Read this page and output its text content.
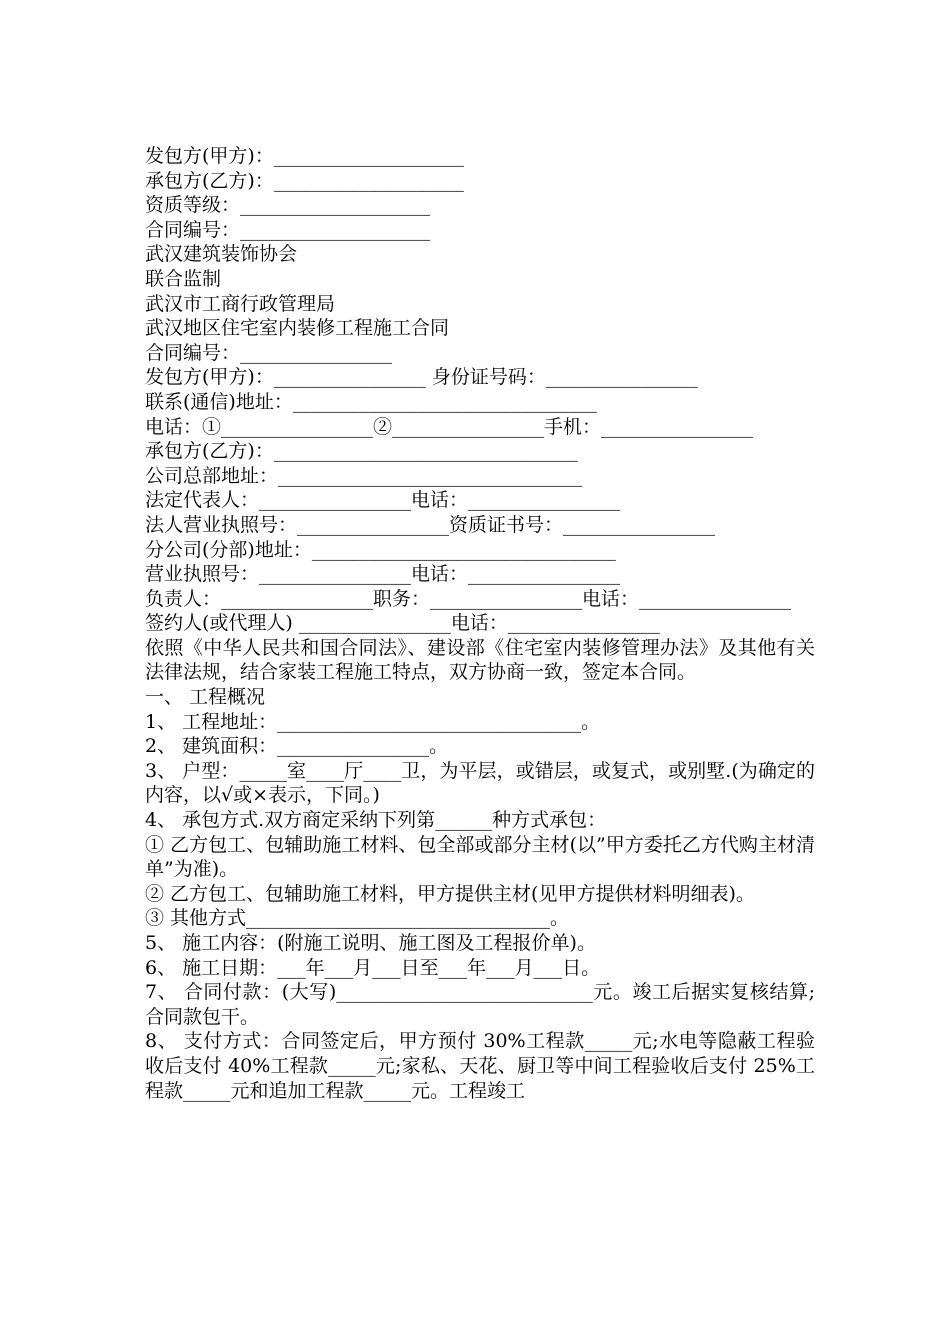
发包方(甲方)：____________________
承包方(乙方)：____________________
资质等级：____________________
合同编号：____________________
武汉建筑装饰协会
联合监制
武汉市工商行政管理局
武汉地区住宅室内装修工程施工合同
合同编号：________________
发包方(甲方)：________________ 身份证号码：________________
联系(通信)地址：________________________________
电话：①________________②________________手机：________________
承包方(乙方)：________________________________
公司总部地址：________________________________
法定代表人：________________电话：________________
法人营业执照号：________________资质证书号：________________
分公司(分部)地址：________________________________
营业执照号：________________电话：________________
负责人：________________职务：________________电话：________________
签约人(或代理人) ________________电话：________________
依照《中华人民共和国合同法》、建设部《住宅室内装修管理办法》及其他有关法律法规，结合家装工程施工特点，双方协商一致，签定本合同。
一、 工程概况
1、 工程地址：________________________________。
2、 建筑面积：________________。
3、 户型：_____室____厅____卫，为平层，或错层，或复式，或别墅.(为确定的内容，以√或×表示，下同。)
4、 承包方式.双方商定采纳下列第______种方式承包：
① 乙方包工、包辅助施工材料、包全部或部分主材(以”甲方委托乙方代购主材清单”为准)。
② 乙方包工、包辅助施工材料，甲方提供主材(见甲方提供材料明细表)。
③ 其他方式________________________________。
5、 施工内容：(附施工说明、施工图及工程报价单)。
6、 施工日期：___年___月___日至___年___月___日。
7、 合同付款：(大写)___________________________元。竣工后据实复核结算;合同款包干。
8、 支付方式：合同签定后，甲方预付 30%工程款_____元;水电等隐蔽工程验收后支付 40%工程款_____元;家私、天花、厨卫等中间工程验收后支付 25%工程款_____元和追加工程款_____元。工程竣工
